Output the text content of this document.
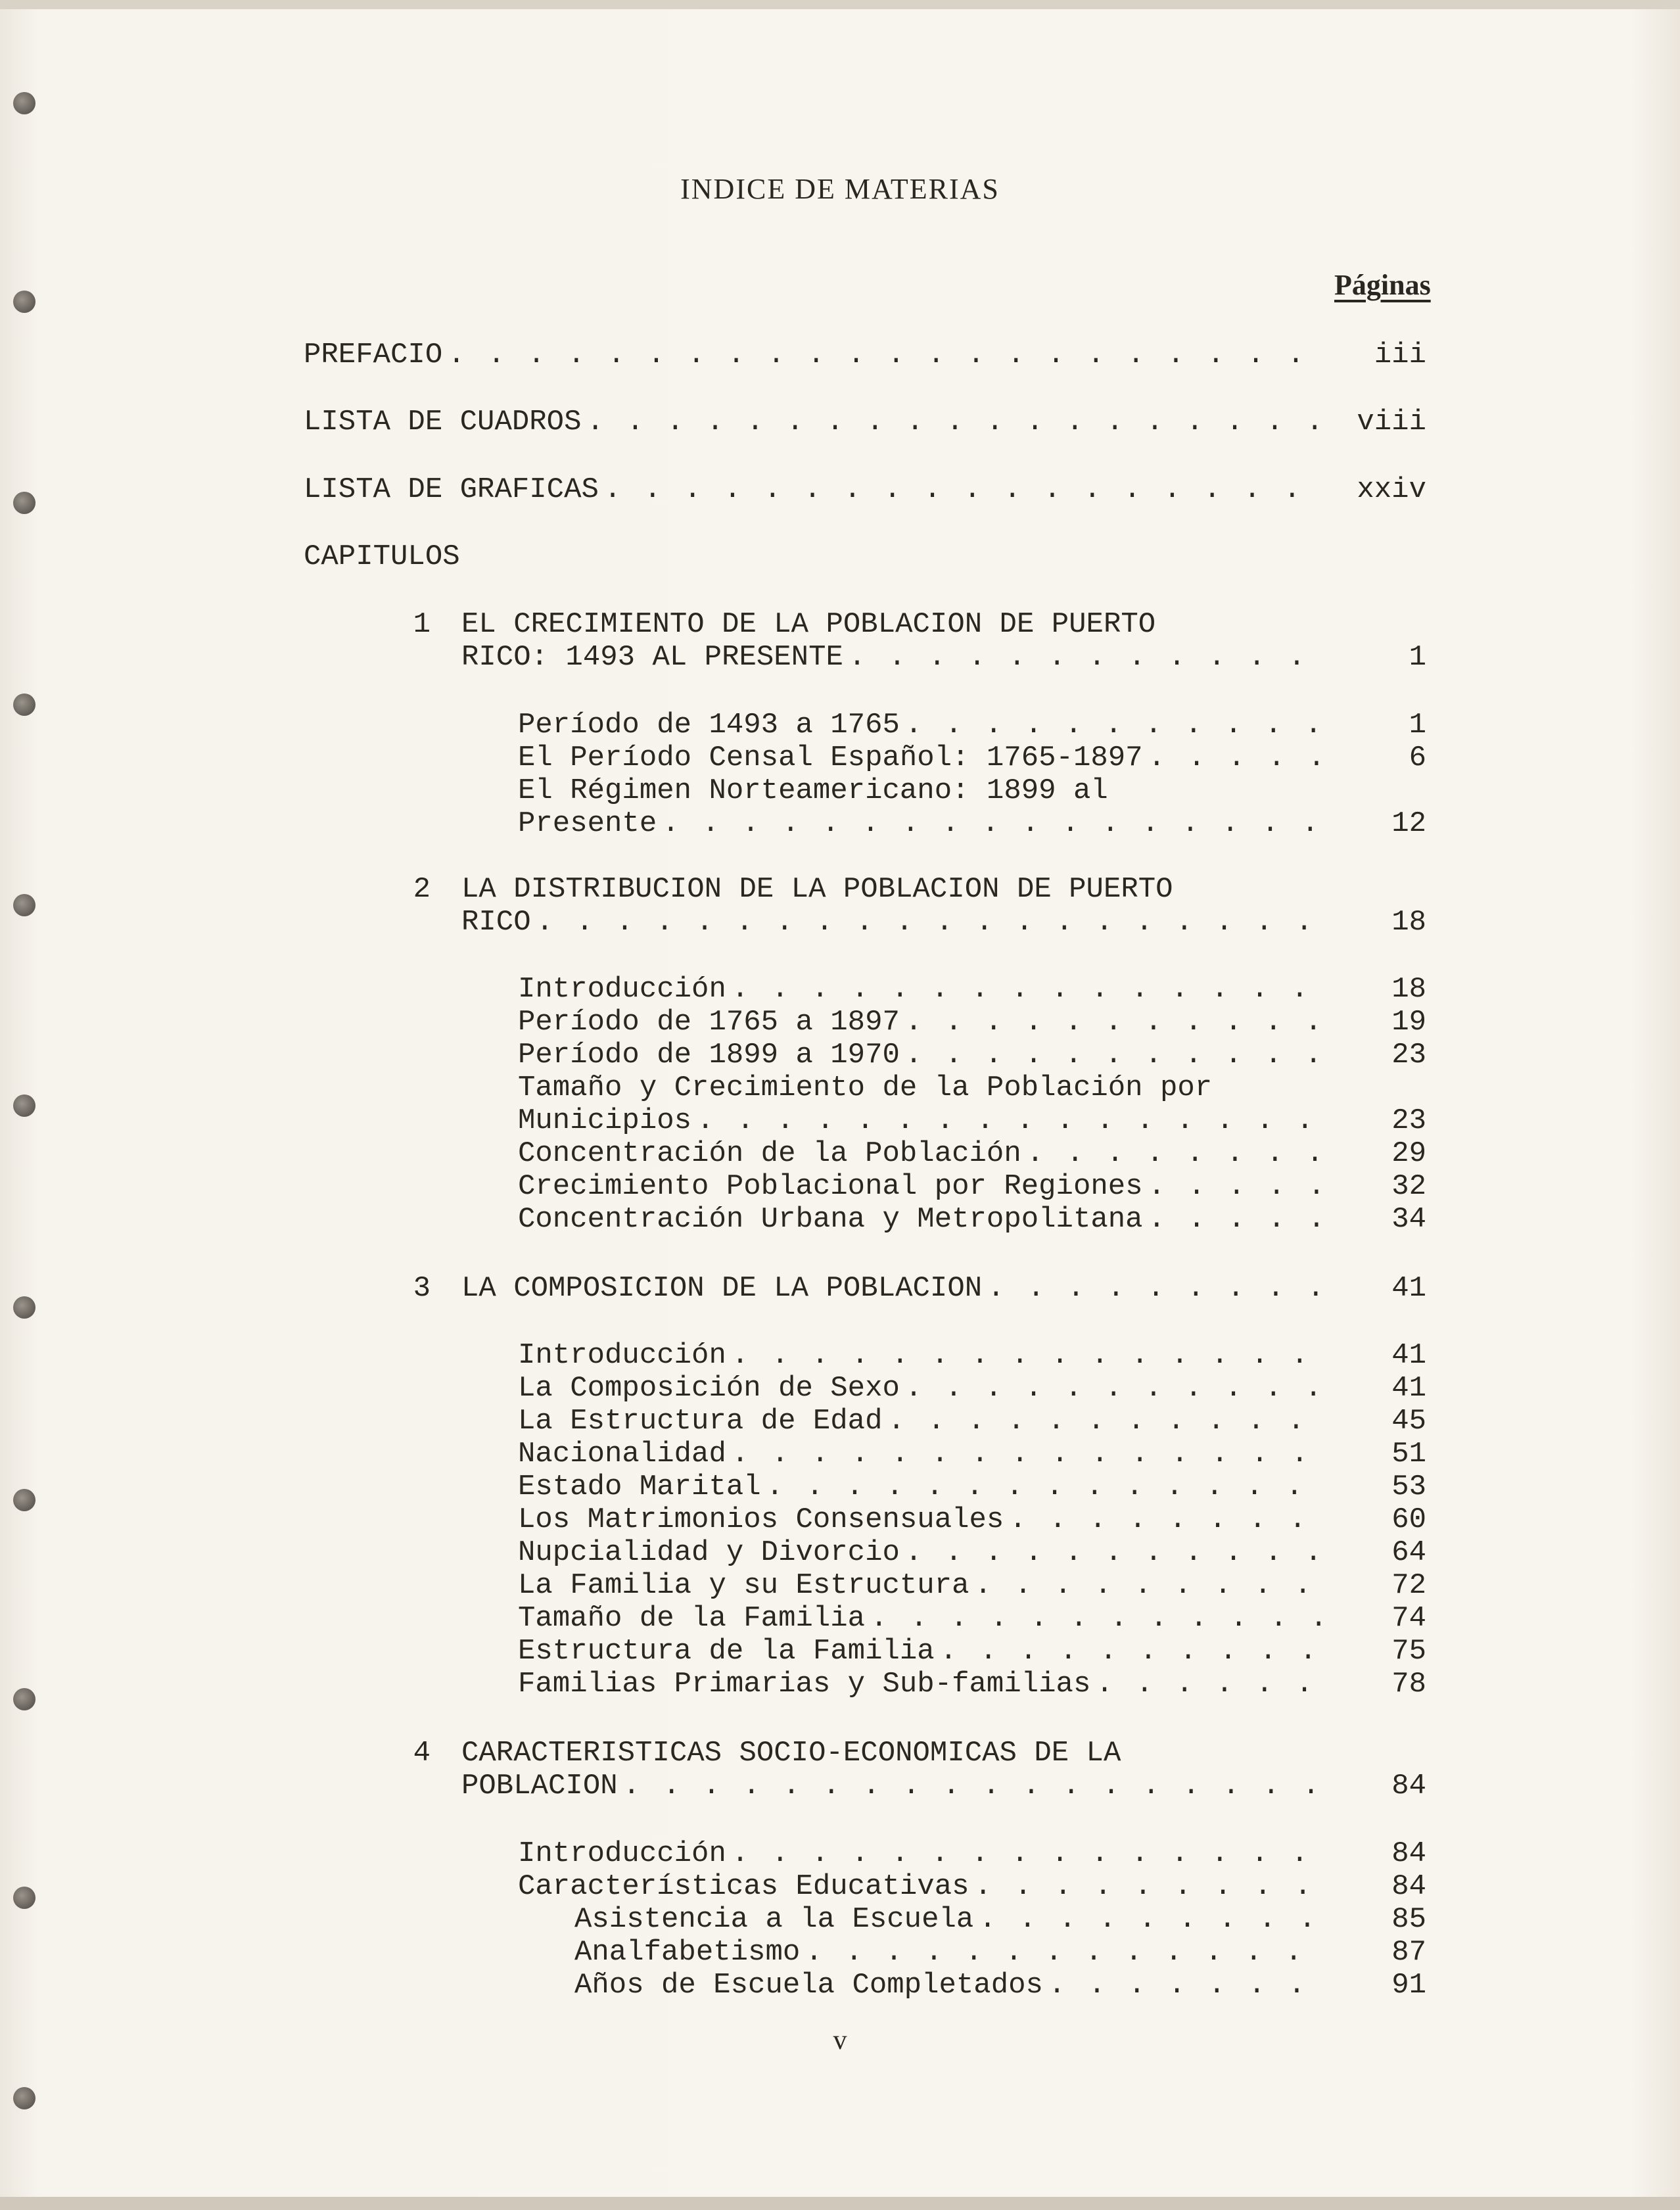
INDICE DE MATERIAS
Páginas
PREFACIO . . .	iii
LISTA DE CUADROS . . .	viii
LISTA DE GRAFICAS . . .	xxiv
CAPITULOS
1 EL CRECIMIENTO DE LA POBLACION DE PUERTO
RICO: 1493 AL PRESENTE . . .	1
Período de 1493 a 1765 . . .	1
El Período Censal Español: 1765-1897 . . .	6
El Régimen Norteamericano: 1899 al
Presente . . .	12
2 LA DISTRIBUCION DE LA POBLACION DE PUERTO
RICO . . .	18
Introducción . . .	18
Período de 1765 a 1897 . . .	19
Período de 1899 a 1970 . . .	23
Tamaño y Crecimiento de la Población por
Municipios . . .	23
Concentración de la Población . . .	29
Crecimiento Poblacional por Regiones . . .	32
Concentración Urbana y Metropolitana . . .	34
3 LA COMPOSICION DE LA POBLACION . . .	41
Introducción . . .	41
La Composición de Sexo . . .	41
La Estructura de Edad . . .	45
Nacionalidad . . .	51
Estado Marital . . .	53
Los Matrimonios Consensuales . . .	60
Nupcialidad y Divorcio . . .	64
La Familia y su Estructura . . .	72
Tamaño de la Familia . . .	74
Estructura de la Familia . . .	75
Familias Primarias y Sub-familias . . .	78
4 CARACTERISTICAS SOCIO-ECONOMICAS DE LA
POBLACION . . .	84
Introducción . . .	84
Características Educativas . . .	84
Asistencia a la Escuela . . .	85
Analfabetismo . . .	87
Años de Escuela Completados . . .	91
v
